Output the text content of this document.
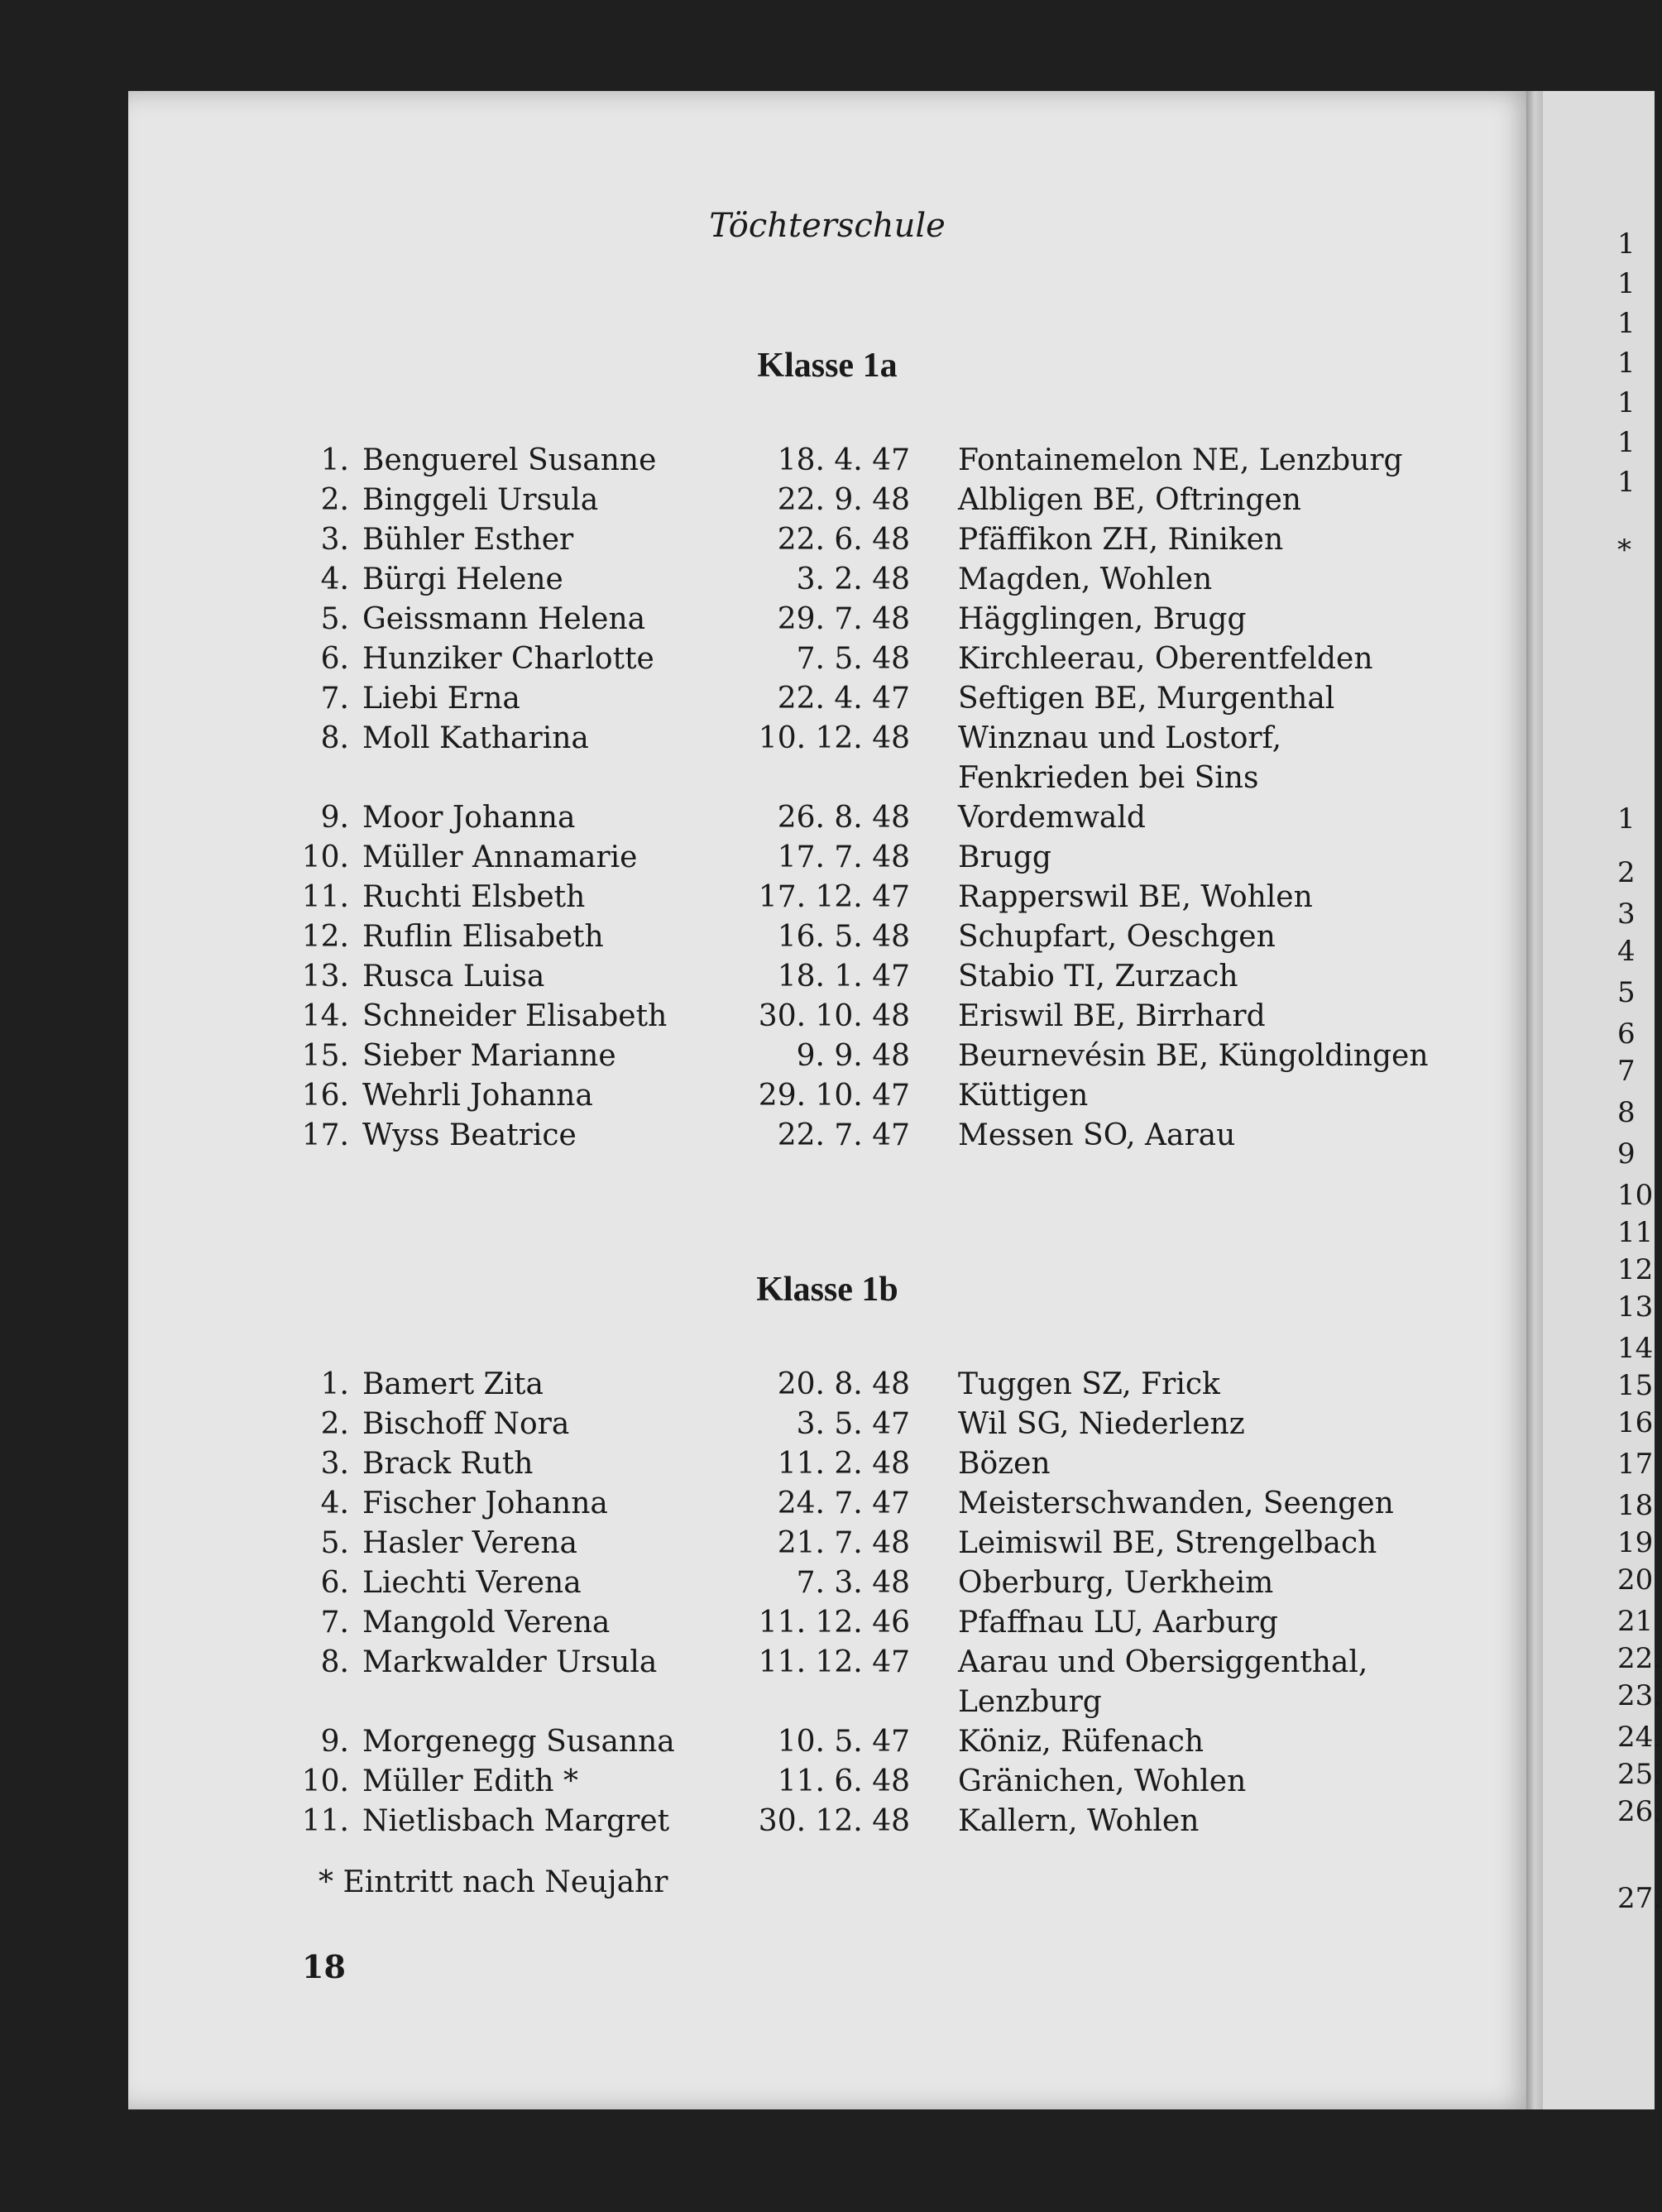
1
1
1
1
1
1
1
*
1
2
3
4
5
6
7
8
9
10
11
12
13
14
15
16
17
18
19
20
21
22.
23.
24.
25.
26.
27.
Töchterschule
Klasse 1a
1. Benguerel Susanne	18. 4. 47 Fontainemelon NE, Lenzburg
2. Binggeli Ursula	22. 9. 48 Albligen BE, Oftringen
3. Bühler Esther	22. 6. 48 Pfäffikon ZH, Riniken
4. Bürgi Helene	3. 2. 48 Magden, Wohlen
5. Geissmann Helena	29. 7. 48 Hägglingen, Brugg
6. Hunziker Charlotte	7. 5. 48 Kirchleerau, Oberentfelden
7. Liebi Erna	22. 4. 47 Seftigen BE, Murgenthal
8. Moll Katharina	10. 12. 48 Winznau und Lostorf,
Fenkrieden bei Sins
9. Moor Johanna	26. 8. 48 Vordemwald
10. Müller Annamarie	17. 7. 48 Brugg
11. Ruchti Elsbeth	17. 12. 47 Rapperswil BE, Wohlen
12. Ruflin Elisabeth	16. 5. 48 Schupfart, Oeschgen
13. Rusca Luisa	18. 1. 47 Stabio TI, Zurzach
14. Schneider Elisabeth	30. 10. 48 Eriswil BE, Birrhard
15. Sieber Marianne	9. 9. 48 Beurnevésin BE, Küngoldingen
16. Wehrli Johanna	29. 10. 47 Küttigen
17. Wyss Beatrice	22. 7. 47 Messen SO, Aarau
Klasse 1b
1. Bamert Zita	20. 8. 48 Tuggen SZ, Frick
2. Bischoff Nora	3. 5. 47 Wil SG, Niederlenz
3. Brack Ruth	11. 2. 48 Bözen
4. Fischer Johanna	24. 7. 47 Meisterschwanden, Seengen
5. Hasler Verena	21. 7. 48 Leimiswil BE, Strengelbach
6. Liechti Verena	7. 3. 48 Oberburg, Uerkheim
7. Mangold Verena	11. 12. 46 Pfaffnau LU, Aarburg
8. Markwalder Ursula	11. 12. 47 Aarau und Obersiggenthal,
Lenzburg
9. Morgenegg Susanna	10. 5. 47 Köniz, Rüfenach
10. Müller Edith *	11. 6. 48 Gränichen, Wohlen
11. Nietlisbach Margret	30. 12. 48 Kallern, Wohlen
* Eintritt nach Neujahr
18
